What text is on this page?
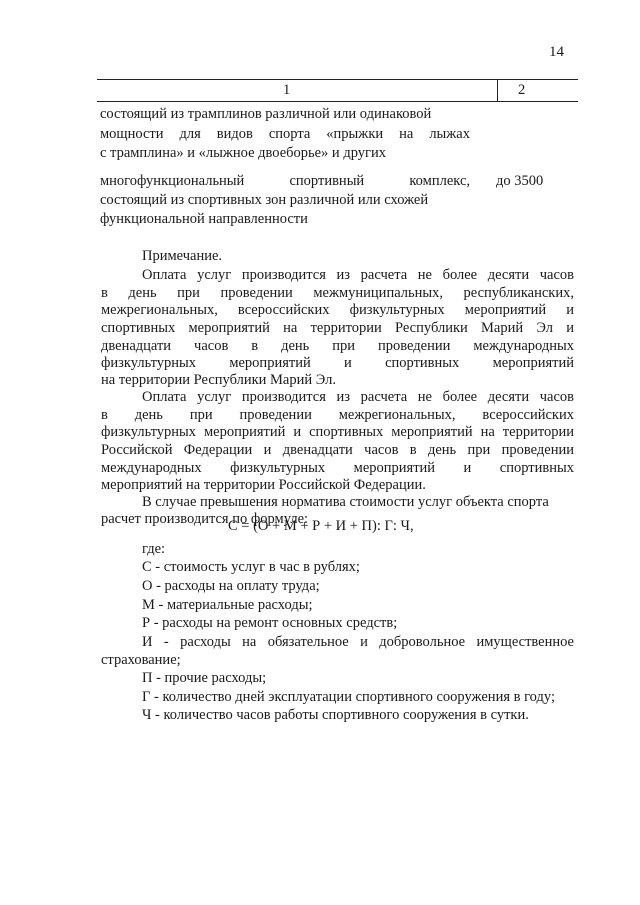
14
1	2
состоящий из трамплинов различной или одинаковой
мощности для видов спорта «прыжки на лыжах
с трамплина» и «лыжное двоеборье» и других
многофункциональный спортивный комплекс,
состоящий из спортивных зон различной или схожей
функциональной направленности
до 3500
Примечание.
Оплата услуг производится из расчета не более десяти часов
в день при проведении межмуниципальных, республиканских,
межрегиональных, всероссийских физкультурных мероприятий и
спортивных мероприятий на территории Республики Марий Эл и
двенадцати часов в день при проведении международных
физкультурных мероприятий и спортивных мероприятий
на территории Республики Марий Эл.
Оплата услуг производится из расчета не более десяти часов
в день при проведении межрегиональных, всероссийских
физкультурных мероприятий и спортивных мероприятий на территории
Российской Федерации и двенадцати часов в день при проведении
международных физкультурных мероприятий и спортивных
мероприятий на территории Российской Федерации.
В случае превышения норматива стоимости услуг объекта спорта
расчет производится по формуле:
С = (О + М + Р + И + П): Г: Ч,
где:
С - стоимость услуг в час в рублях;
О - расходы на оплату труда;
М - материальные расходы;
Р - расходы на ремонт основных средств;
И - расходы на обязательное и добровольное имущественное
страхование;
П - прочие расходы;
Г - количество дней эксплуатации спортивного сооружения в году;
Ч - количество часов работы спортивного сооружения в сутки.
